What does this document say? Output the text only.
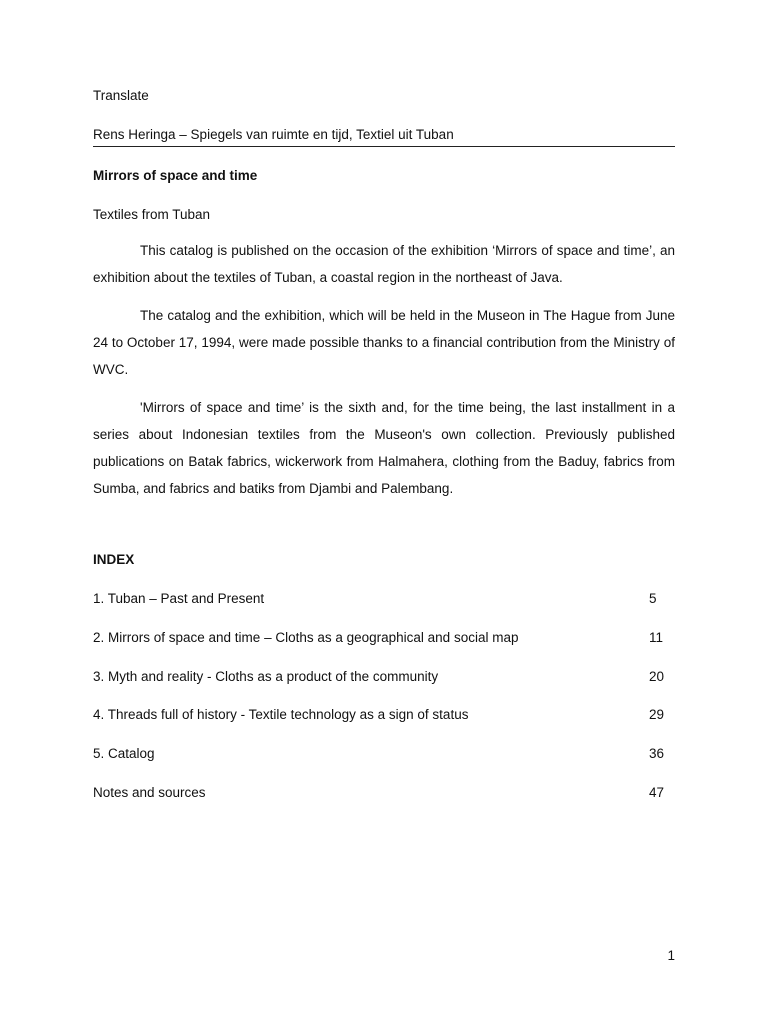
Translate

Rens Heringa – Spiegels van ruimte en tijd, Textiel uit Tuban

Mirrors of space and time

Textiles from Tuban

This catalog is published on the occasion of the exhibition ‘Mirrors of space and time’, an exhibition about the textiles of Tuban, a coastal region in the northeast of Java.

The catalog and the exhibition, which will be held in the Museon in The Hague from June 24 to October 17, 1994, were made possible thanks to a financial contribution from the Ministry of WVC.

'Mirrors of space and time’ is the sixth and, for the time being, the last installment in a series about Indonesian textiles from the Museon's own collection. Previously published publications on Batak fabrics, wickerwork from Halmahera, clothing from the Baduy, fabrics from Sumba, and fabrics and batiks from Djambi and Palembang.

INDEX

1. Tuban – Past and Present	5
2. Mirrors of space and time – Cloths as a geographical and social map	11
3. Myth and reality - Cloths as a product of the community	20
4. Threads full of history - Textile technology as a sign of status	29
5. Catalog	36
Notes and sources	47
1
